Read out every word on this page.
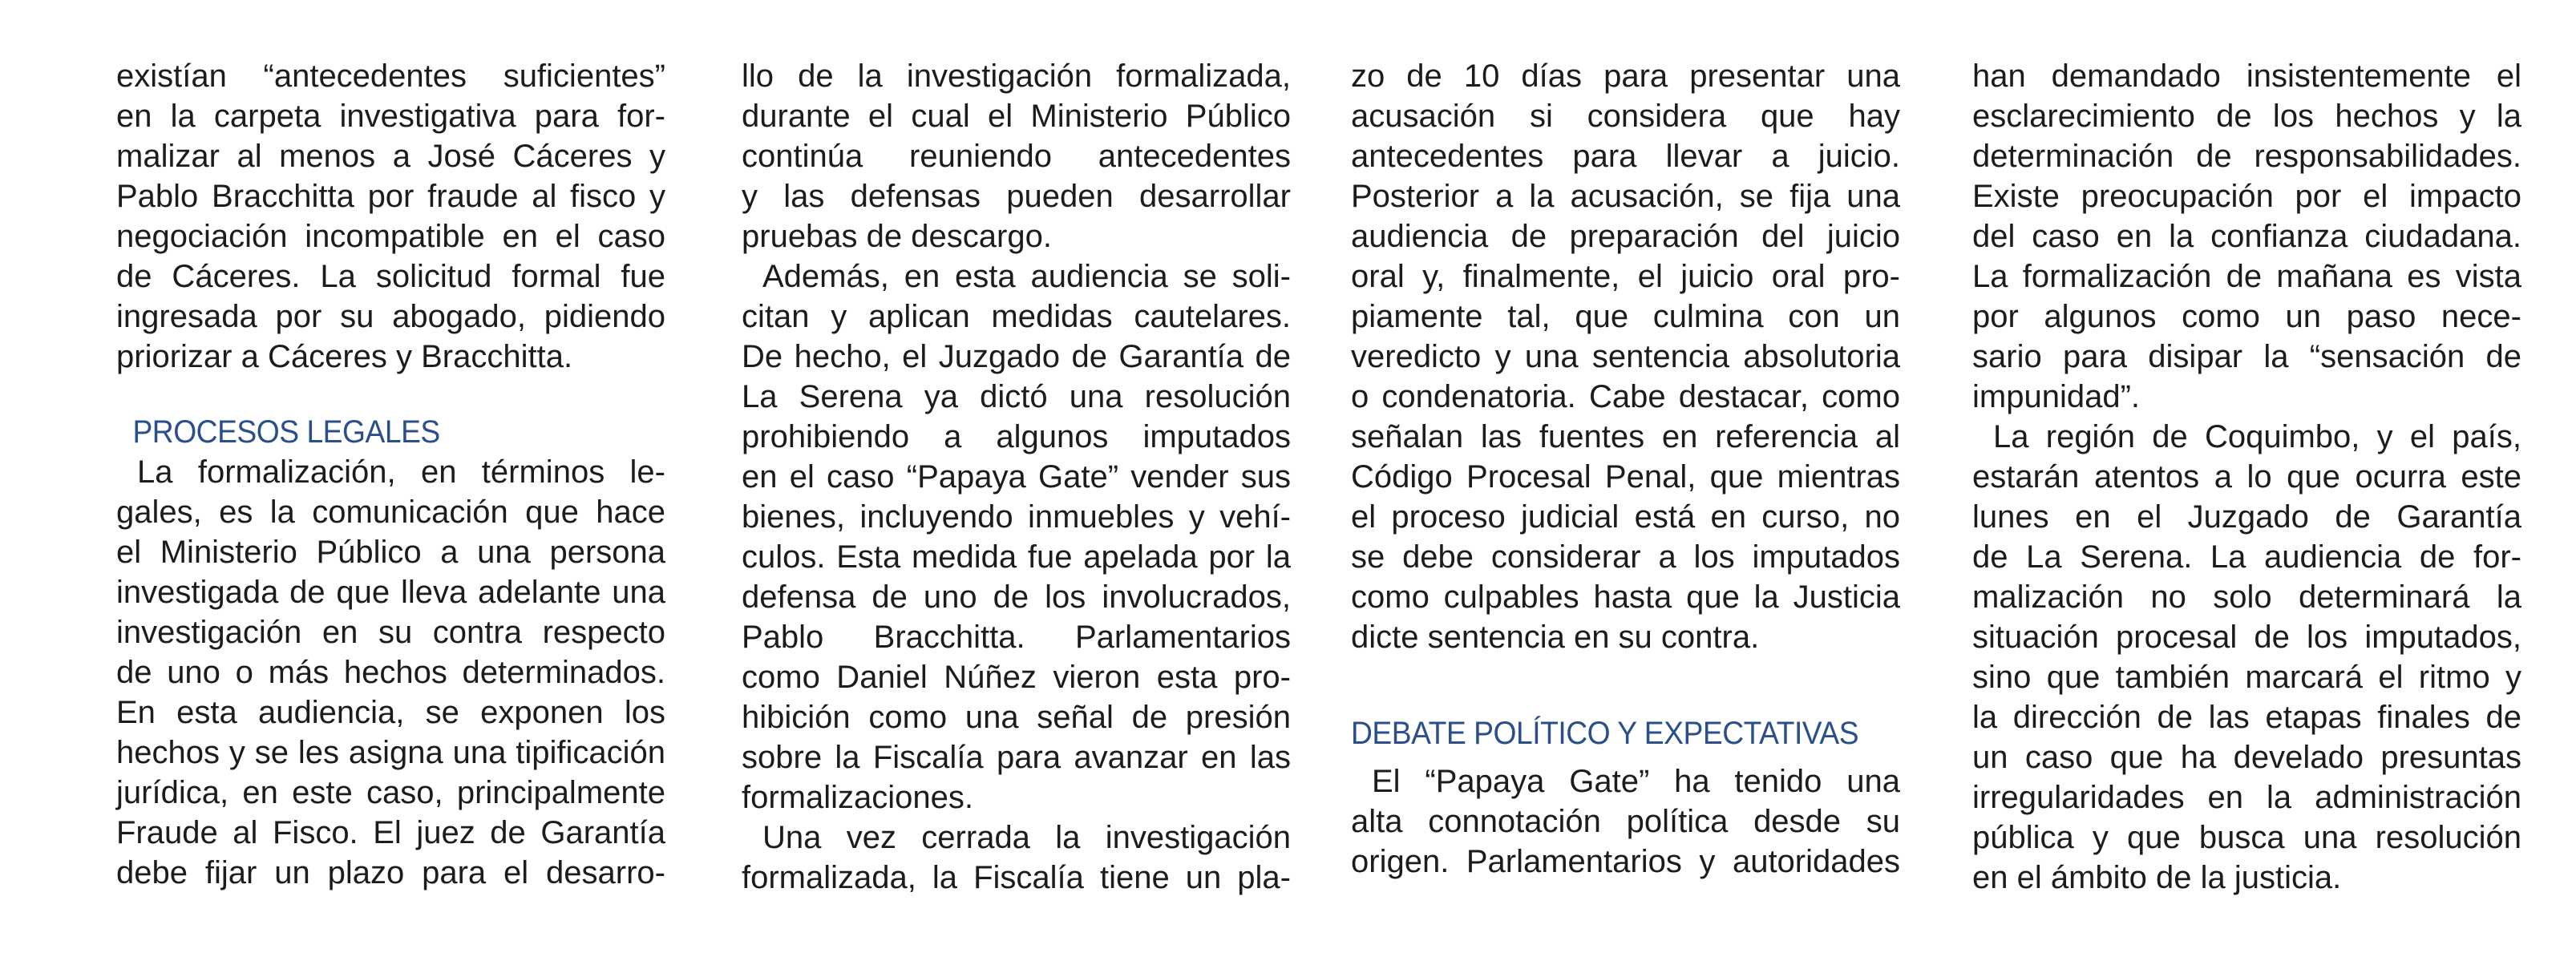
existían “antecedentes suficientes”
en la carpeta investigativa para for-
malizar al menos a José Cáceres y
Pablo Bracchitta por fraude al fisco y
negociación incompatible en el caso
de Cáceres. La solicitud formal fue
ingresada por su abogado, pidiendo

priorizar a Cáceres y Bracchitta.

PROCESOS LEGALES

La formalización, en términos le-
gales, es la comunicación que hace
el Ministerio Público a una persona
investigada de que lleva adelante una
investigación en su contra respecto
de uno o más hechos determinados.
En esta audiencia, se exponen los
hechos y se les asigna una tipificación
jurídica, en este caso, principalmente
Fraude al Fisco. El juez de Garantía
debe fijar un plazo para el desarro-

llo de la investigación formalizada,
durante el cual el Ministerio Público
continúa reuniendo antecedentes
y las defensas pueden desarrollar

pruebas de descargo.

Además, en esta audiencia se soli-
citan y aplican medidas cautelares.
De hecho, el Juzgado de Garantía de
La Serena ya dictó una resolución
prohibiendo a algunos imputados
en el caso “Papaya Gate” vender sus
bienes, incluyendo inmuebles y vehí-
culos. Esta medida fue apelada por la
defensa de uno de los involucrados,
Pablo Bracchitta. Parlamentarios
como Daniel Núñez vieron esta pro-
hibición como una señal de presión
sobre la Fiscalía para avanzar en las

formalizaciones.

Una vez cerrada la investigación
formalizada, la Fiscalía tiene un pla-

zo de 10 días para presentar una
acusación si considera que hay
antecedentes para llevar a juicio.
Posterior a la acusación, se fija una
audiencia de preparación del juicio
oral y, finalmente, el juicio oral pro-
piamente tal, que culmina con un
veredicto y una sentencia absolutoria
o condenatoria. Cabe destacar, como
señalan las fuentes en referencia al
Código Procesal Penal, que mientras
el proceso judicial está en curso, no
se debe considerar a los imputados
como culpables hasta que la Justicia

dicte sentencia en su contra.

DEBATE POLÍTICO Y EXPECTATIVAS

El “Papaya Gate” ha tenido una
alta connotación política desde su
origen. Parlamentarios y autoridades

han demandado insistentemente el
esclarecimiento de los hechos y la
determinación de responsabilidades.
Existe preocupación por el impacto
del caso en la confianza ciudadana.
La formalización de mañana es vista
por algunos como un paso nece-
sario para disipar la “sensación de

impunidad”.

La región de Coquimbo, y el país,
estarán atentos a lo que ocurra este
lunes en el Juzgado de Garantía
de La Serena. La audiencia de for-
malización no solo determinará la
situación procesal de los imputados,
sino que también marcará el ritmo y
la dirección de las etapas finales de
un caso que ha develado presuntas
irregularidades en la administración
pública y que busca una resolución

en el ámbito de la justicia.
